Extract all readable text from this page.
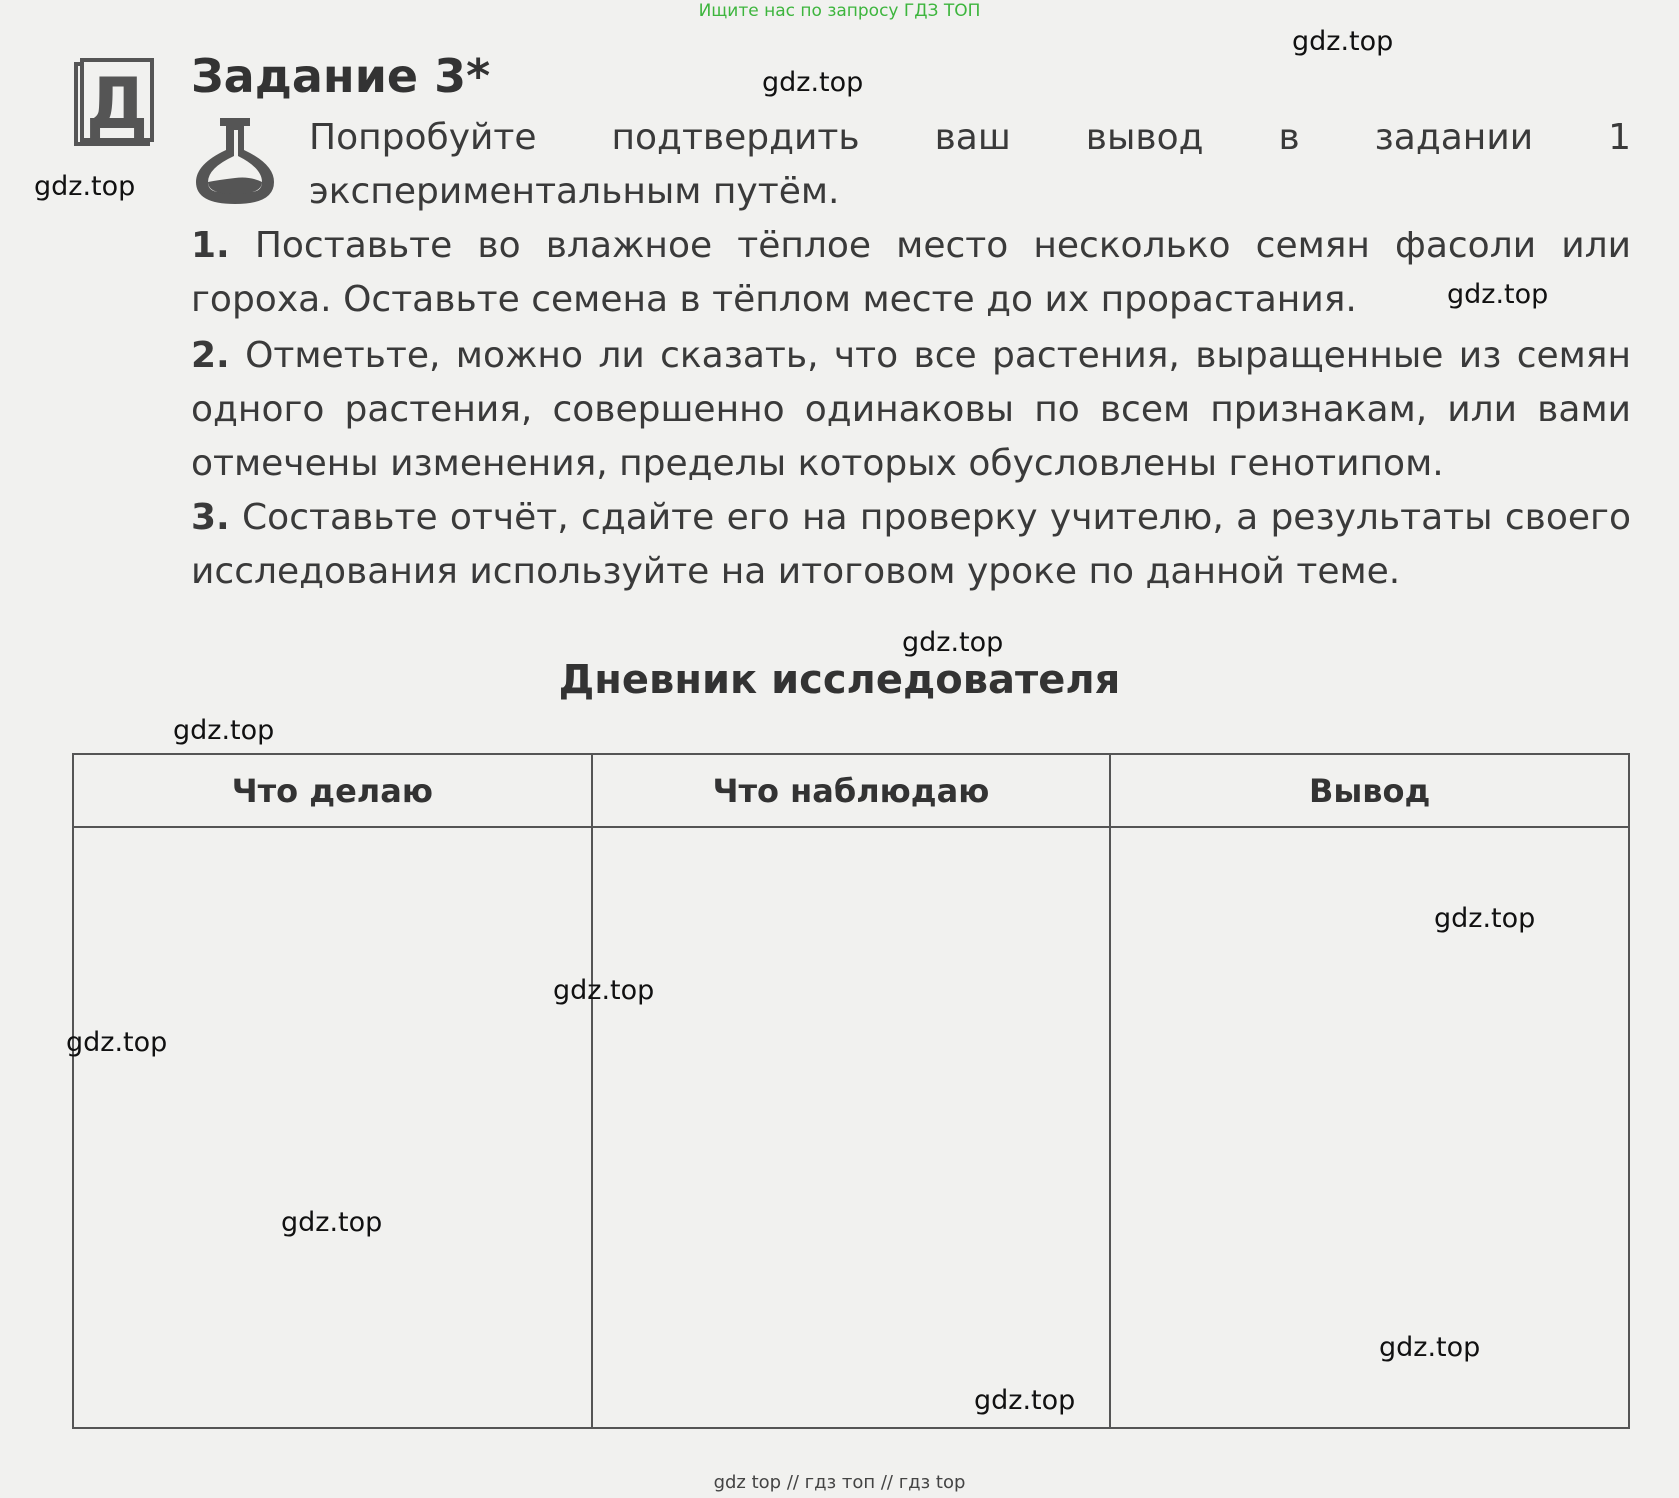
Ищите нас по запросу ГДЗ ТОП
Д Задание 3*
Попробуйте подтвердить ваш вывод в задании 1 экспериментальным путём.
1. Поставьте во влажное тёплое место несколько семян фасоли или гороха. Оставьте семена в тёплом месте до их прорастания.
2. Отметьте, можно ли сказать, что все растения, выращенные из семян одного растения, совершенно одинаковы по всем признакам, или вами отмечены изменения, пределы которых обусловлены генотипом.
3. Составьте отчёт, сдайте его на проверку учителю, а результаты своего исследования используйте на итоговом уроке по данной теме.
Дневник исследователя
Что делаю	Что наблюдаю	Вывод

gdz.top
gdz.top
gdz.top
gdz.top
gdz.top
gdz.top
gdz.top
gdz.top
gdz.top
gdz.top
gdz.top
gdz.top
gdz top // гдз топ // гдз top
